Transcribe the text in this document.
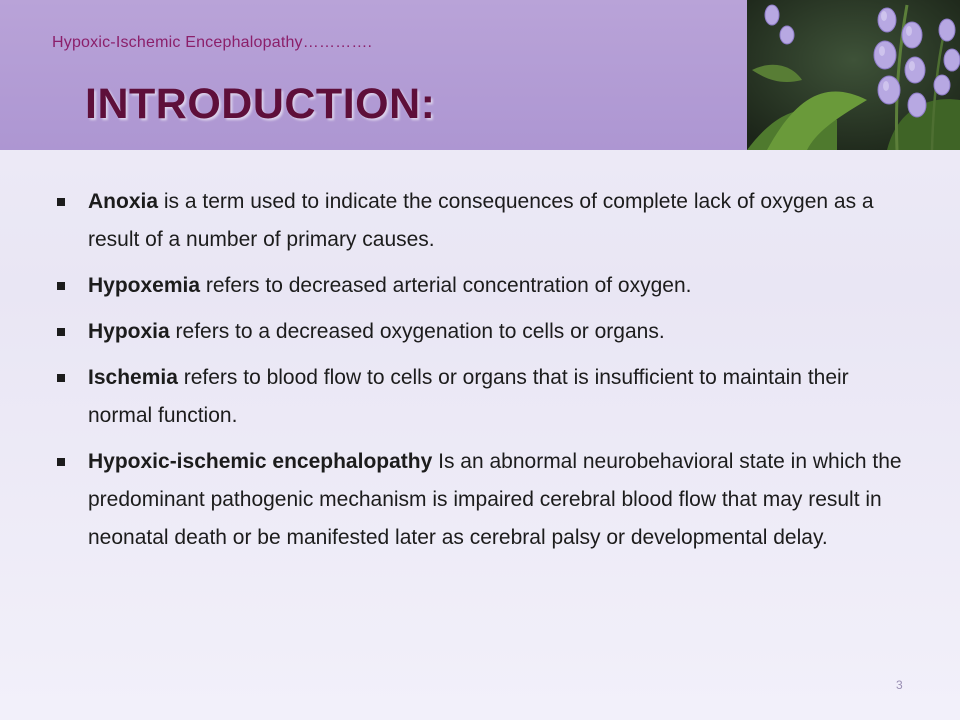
Hypoxic-Ischemic Encephalopathy………….
INTRODUCTION:
Anoxia is a term used to indicate the consequences of complete lack of oxygen as a result of a number of primary causes.
Hypoxemia refers to decreased arterial concentration of oxygen.
Hypoxia refers to a decreased oxygenation to cells or organs.
Ischemia refers to blood flow to cells or organs that is insufficient to maintain their normal function.
Hypoxic-ischemic encephalopathy Is an abnormal neurobehavioral state in which the predominant pathogenic mechanism is impaired cerebral blood flow that may result in neonatal death or be manifested later as cerebral palsy or developmental delay.
3
